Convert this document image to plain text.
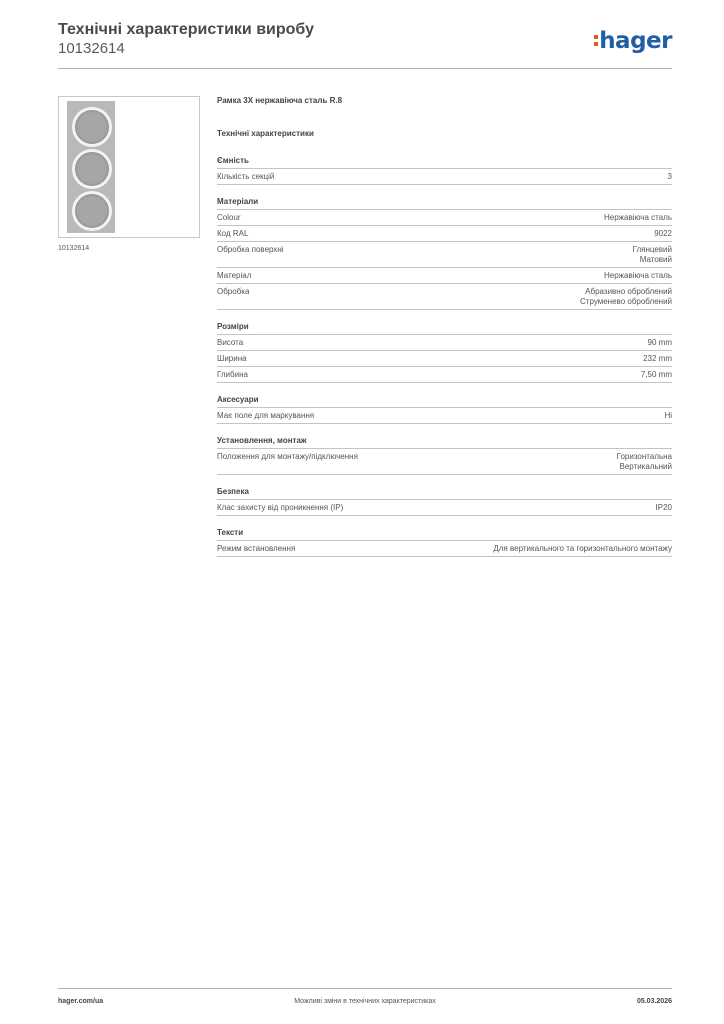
Технічні характеристики виробу

10132614	hager
10132614

Рамка 3Х нержавіюча сталь R.8

Технічні характеристики

Ємність
Кількість секцій	3
Матеріали
Colour	Нержавіюча сталь
Код RAL	9022
Обробка поверхні	Глянцевий
Матовий
Матеріал	Нержавіюча сталь
Обробка	Абразивно оброблений
Струменево оброблений
Розміри
Висота	90 mm
Ширина	232 mm
Глибина	7,50 mm
Аксесуари
Має поле для маркування	Ні
Установлення, монтаж
Положення для монтажу/підключення	Горизонтальна
Вертикальний
Безпека
Клас захисту від проникнення (IP)	IP20
Тексти
Режим встановлення	Для вертикального та горизонтального монтажу
hager.com/ua	Можливі зміни в технічних характеристиках	05.03.2026
